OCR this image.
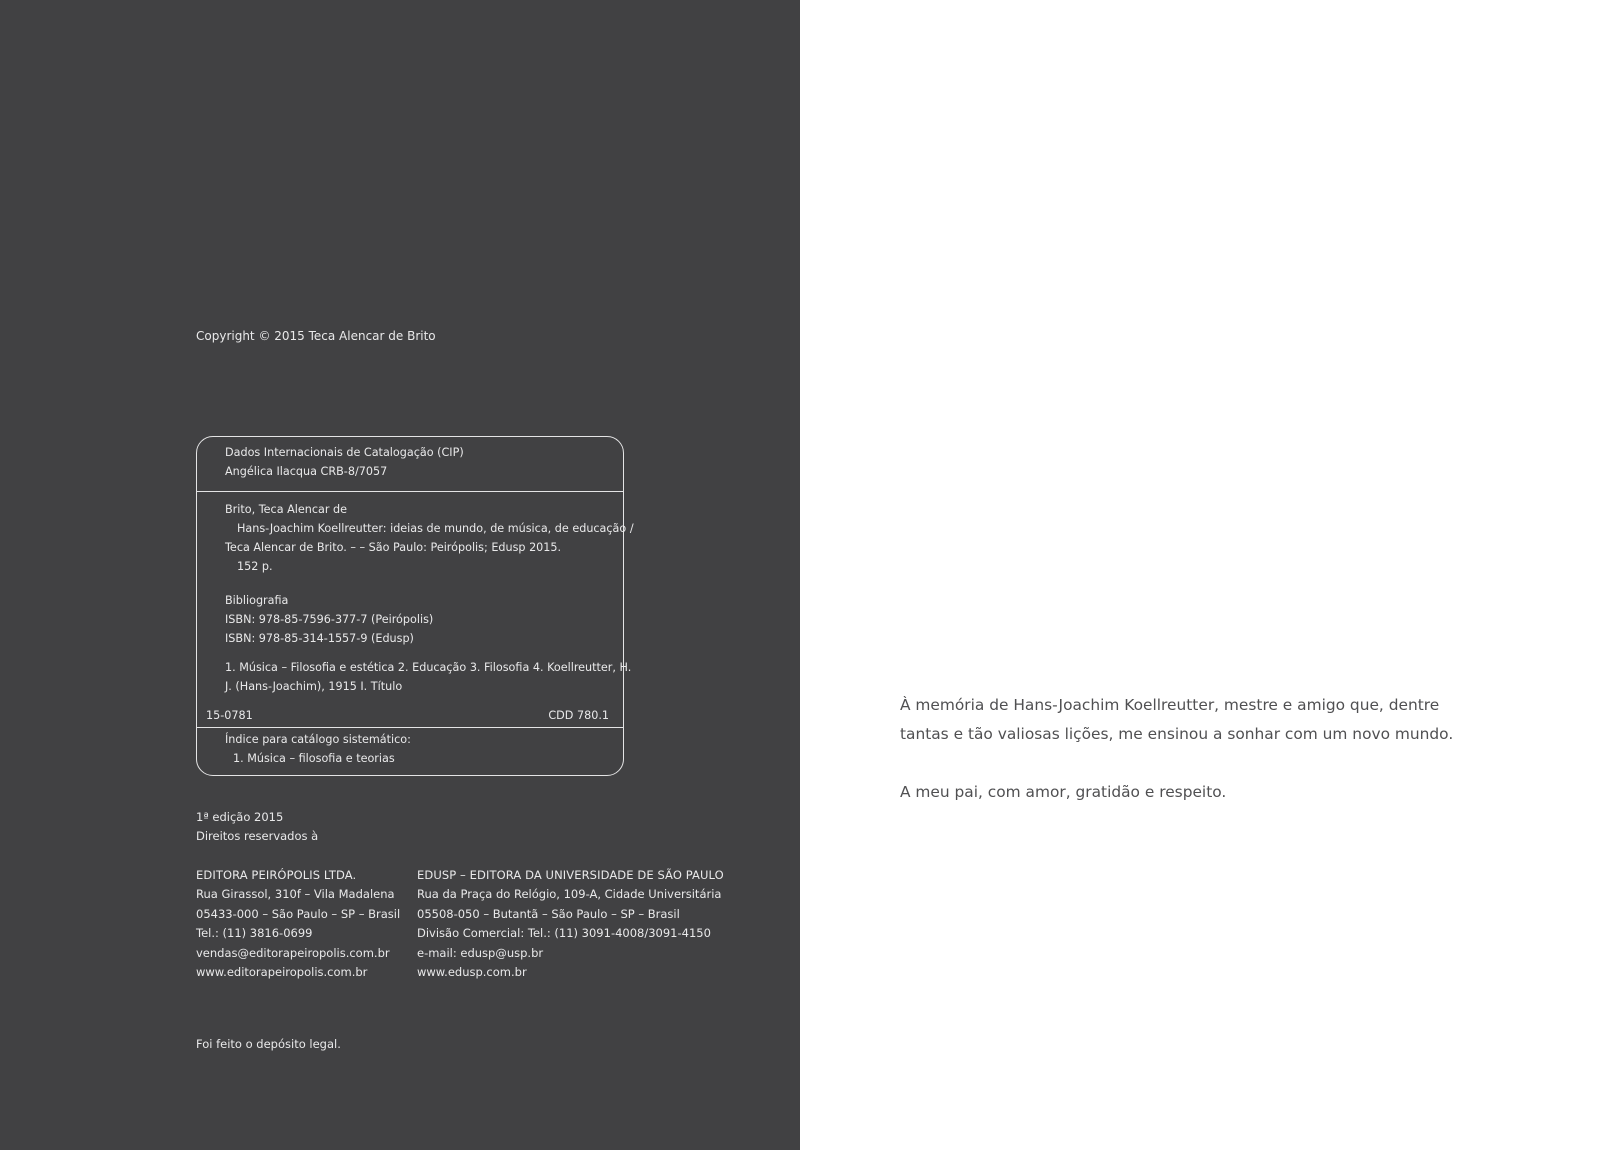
Copyright © 2015 Teca Alencar de Brito
Dados Internacionais de Catalogação (CIP)
Angélica Ilacqua CRB-8/7057
Brito, Teca Alencar de
Hans-Joachim Koellreutter: ideias de mundo, de música, de educação /
Teca Alencar de Brito. – – São Paulo: Peirópolis; Edusp 2015.
152 p.
Bibliografia
ISBN: 978-85-7596-377-7 (Peirópolis)
ISBN: 978-85-314-1557-9 (Edusp)
1. Música – Filosofia e estética 2. Educação 3. Filosofia 4. Koellreutter, H.
J. (Hans-Joachim), 1915 I. Título
15-0781	CDD 780.1
Índice para catálogo sistemático:
1. Música – filosofia e teorias
1ª edição 2015
Direitos reservados à
EDITORA PEIRÓPOLIS LTDA.
Rua Girassol, 310f – Vila Madalena
05433-000 – São Paulo – SP – Brasil
Tel.: (11) 3816-0699
vendas@editorapeiropolis.com.br
www.editorapeiropolis.com.br
EDUSP – EDITORA DA UNIVERSIDADE DE SÃO PAULO
Rua da Praça do Relógio, 109-A, Cidade Universitária
05508-050 – Butantã – São Paulo – SP – Brasil
Divisão Comercial: Tel.: (11) 3091-4008/3091-4150
e-mail: edusp@usp.br
www.edusp.com.br
Foi feito o depósito legal.

À memória de Hans-Joachim Koellreutter, mestre e amigo que, dentre

tantas e tão valiosas lições, me ensinou a sonhar com um novo mundo.

A meu pai, com amor, gratidão e respeito.
